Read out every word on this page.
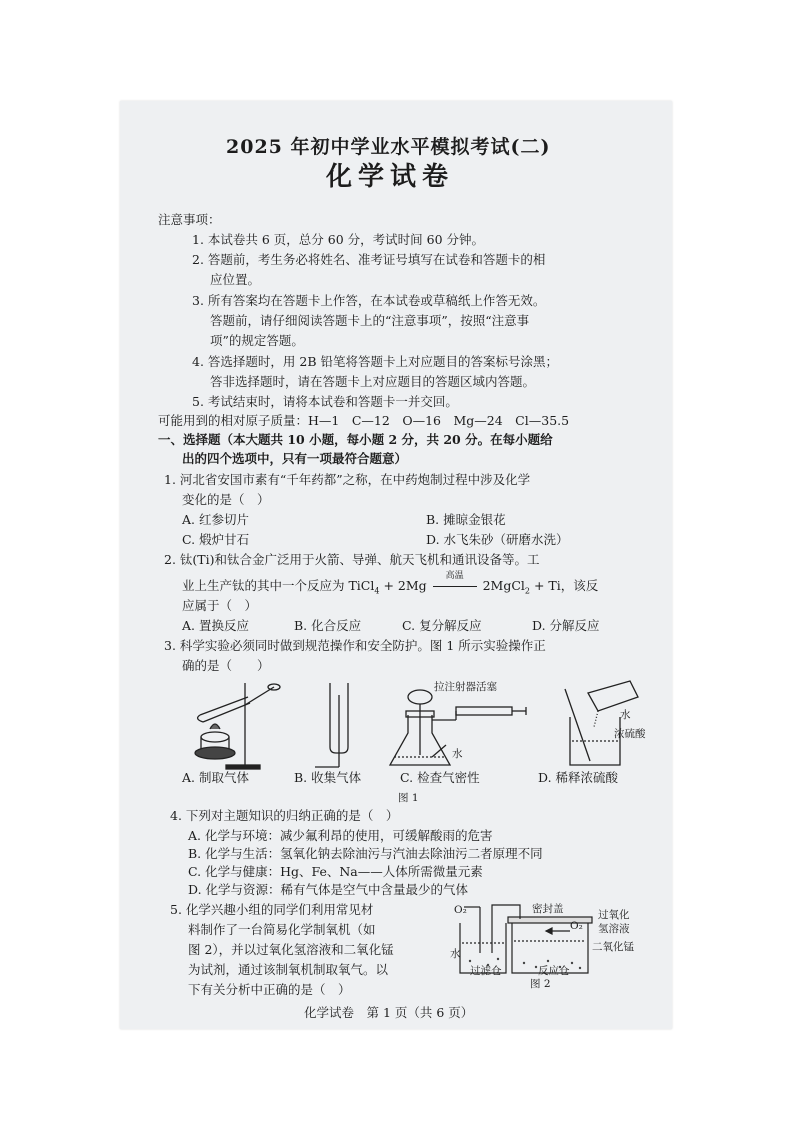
2025 年初中学业水平模拟考试(二)
化学试卷
注意事项：
1. 本试卷共 6 页，总分 60 分，考试时间 60 分钟。
2. 答题前，考生务必将姓名、准考证号填写在试卷和答题卡的相
应位置。
3. 所有答案均在答题卡上作答，在本试卷或草稿纸上作答无效。
答题前，请仔细阅读答题卡上的“注意事项”，按照“注意事
项”的规定答题。
4. 答选择题时，用 2B 铅笔将答题卡上对应题目的答案标号涂黑；
答非选择题时，请在答题卡上对应题目的答题区域内答题。
5. 考试结束时，请将本试卷和答题卡一并交回。
可能用到的相对原子质量：H—1　C—12　O—16　Mg—24　Cl—35.5
一、选择题（本大题共 10 小题，每小题 2 分，共 20 分。在每小题给
出的四个选项中，只有一项最符合题意）
1. 河北省安国市素有“千年药都”之称，在中药炮制过程中涉及化学
变化的是（　）
A. 红参切片	B. 摊晾金银花
C. 煅炉甘石	D. 水飞朱砂（研磨水洗）
2. 钛(Ti)和钛合金广泛用于火箭、导弹、航天飞机和通讯设备等。工
业上生产钛的其中一个反应为 TiCl$_4$ + 2Mg
高温
2MgCl$_2$ + Ti，该反
应属于（　）
A. 置换反应	B. 化合反应	C. 复分解反应	D. 分解反应
3. 科学实验必须同时做到规范操作和安全防护。图 1 所示实验操作正
确的是（　　）
拉注射器活塞
水
水
浓硫酸
A. 制取气体	B. 收集气体	C. 检查气密性	D. 稀释浓硫酸
图 1
4. 下列对主题知识的归纳正确的是（　）
A. 化学与环境：减少氟利昂的使用，可缓解酸雨的危害
B. 化学与生活：氢氧化钠去除油污与汽油去除油污二者原理不同
C. 化学与健康：Hg、Fe、Na——人体所需微量元素
D. 化学与资源：稀有气体是空气中含量最少的气体
5. 化学兴趣小组的同学们利用常见材
料制作了一台简易化学制氧机（如
图 2），并以过氧化氢溶液和二氧化锰
为试剂，通过该制氧机制取氧气。以
下有关分析中正确的是（　）
密封盖
O₂
O₂
过氧化
氢溶液
二氧化锰
水
过滤仓	反应仓
图 2
化学试卷　第 1 页（共 6 页）
